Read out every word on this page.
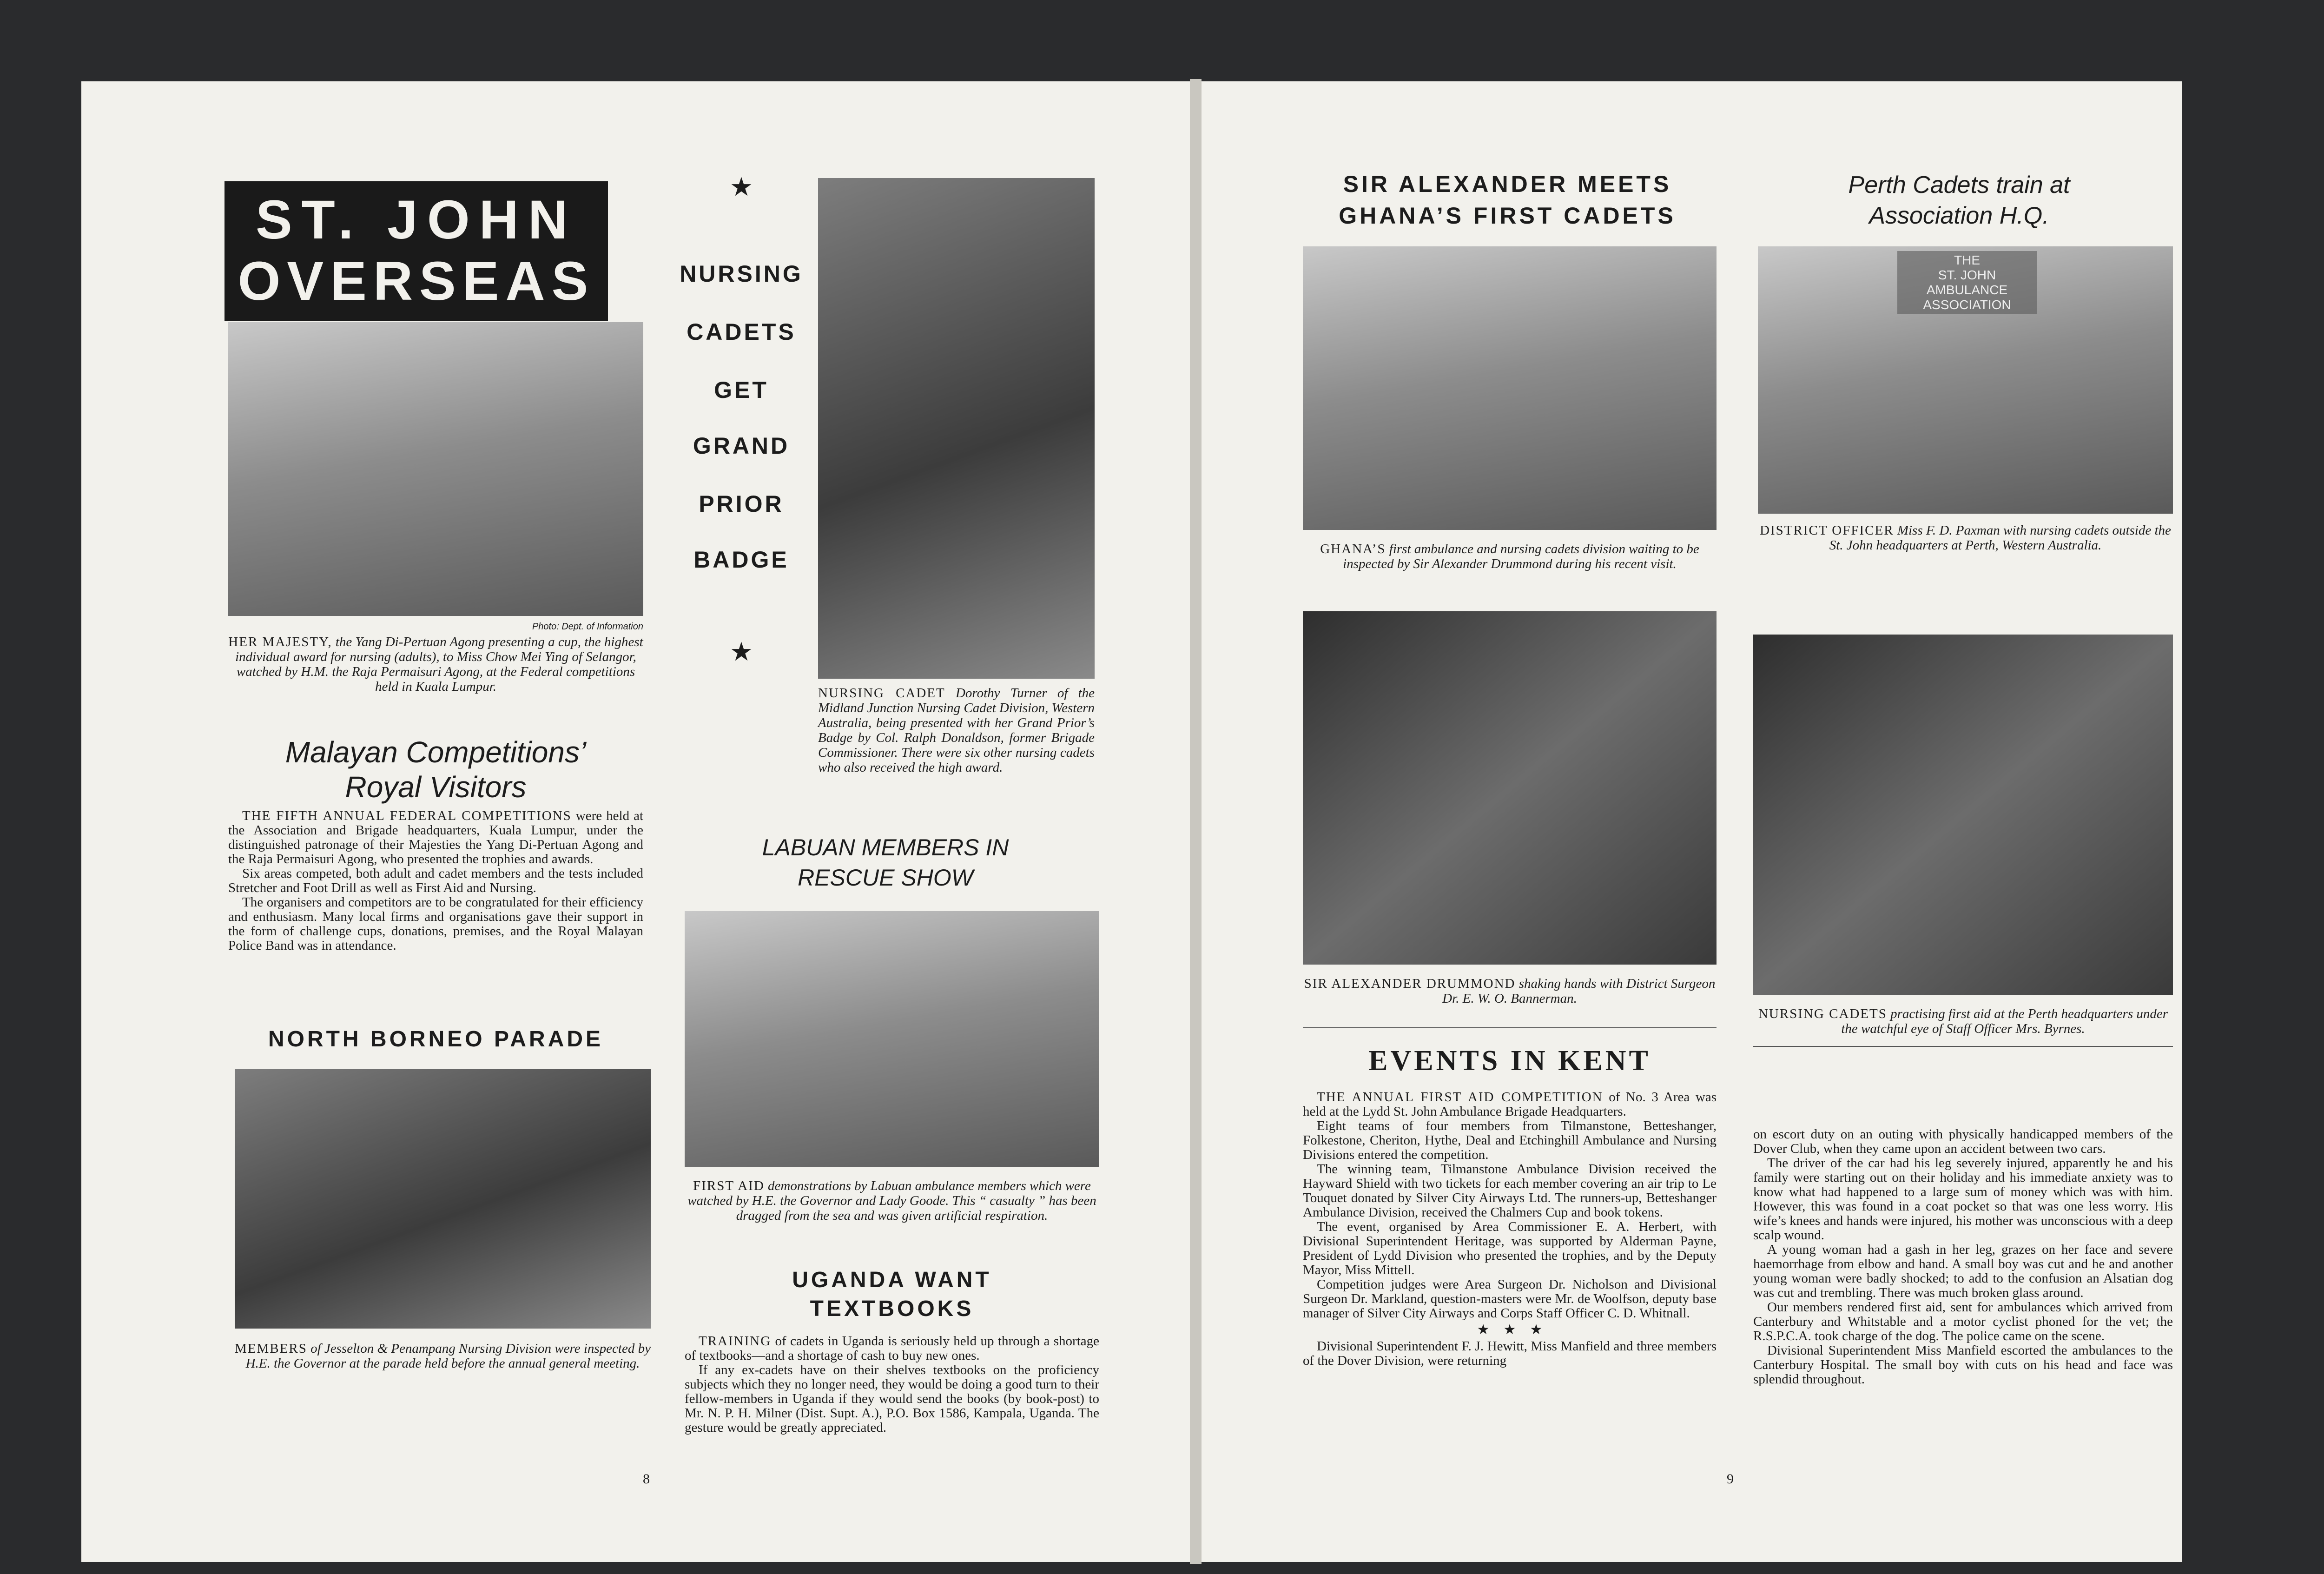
ST. JOHN
OVERSEAS
Photo: Dept. of Information
HER MAJESTY, the Yang Di-Pertuan Agong presenting a cup, the highest individual award for nursing (adults), to Miss Chow Mei Ying of Selangor, watched by H.M. the Raja Permaisuri Agong, at the Federal competitions held in Kuala Lumpur.
Malayan Competitions’
Royal Visitors

THE FIFTH ANNUAL FEDERAL COMPETITIONS were held at the Association and Brigade headquarters, Kuala Lumpur, under the distinguished patronage of their Majesties the Yang Di-Pertuan Agong and the Raja Permaisuri Agong, who presented the trophies and awards.

Six areas competed, both adult and cadet members and the tests included Stretcher and Foot Drill as well as First Aid and Nursing.

The organisers and competitors are to be congratulated for their efficiency and enthusiasm. Many local firms and organisations gave their support in the form of challenge cups, donations, premises, and the Royal Malayan Police Band was in attendance.

NORTH BORNEO PARADE
MEMBERS of Jesselton & Penampang Nursing Division were inspected by H.E. the Governor at the parade held before the annual general meeting.
★
NURSING
CADETS
GET
GRAND
PRIOR
BADGE
★
NURSING CADET Dorothy Turner of the Midland Junction Nursing Cadet Division, Western Australia, being presented with her Grand Prior’s Badge by Col. Ralph Donaldson, former Brigade Commissioner. There were six other nursing cadets who also received the high award.
LABUAN MEMBERS IN
RESCUE SHOW
FIRST AID demonstrations by Labuan ambulance members which were watched by H.E. the Governor and Lady Goode. This “ casualty ” has been dragged from the sea and was given artificial respiration.
UGANDA WANT
TEXTBOOKS

TRAINING of cadets in Uganda is seriously held up through a shortage of textbooks—and a shortage of cash to buy new ones.

If any ex-cadets have on their shelves textbooks on the proficiency subjects which they no longer need, they would be doing a good turn to their fellow-members in Uganda if they would send the books (by book-post) to Mr. N. P. H. Milner (Dist. Supt. A.), P.O. Box 1586, Kampala, Uganda. The gesture would be greatly appreciated.

8
SIR ALEXANDER MEETS
GHANA’S FIRST CADETS
GHANA’S first ambulance and nursing cadets division waiting to be inspected by Sir Alexander Drummond during his recent visit.
SIR ALEXANDER DRUMMOND shaking hands with District Surgeon Dr. E. W. O. Bannerman.
EVENTS IN KENT

THE ANNUAL FIRST AID COMPETITION of No. 3 Area was held at the Lydd St. John Ambulance Brigade Headquarters.

Eight teams of four members from Tilmanstone, Betteshanger, Folkestone, Cheriton, Hythe, Deal and Etchinghill Ambulance and Nursing Divisions entered the competition.

The winning team, Tilmanstone Ambulance Division received the Hayward Shield with two tickets for each member covering an air trip to Le Touquet donated by Silver City Airways Ltd. The runners-up, Betteshanger Ambulance Division, received the Chalmers Cup and book tokens.

The event, organised by Area Commissioner E. A. Herbert, with Divisional Superintendent Heritage, was supported by Alderman Payne, President of Lydd Division who presented the trophies, and by the Deputy Mayor, Miss Mittell.

Competition judges were Area Surgeon Dr. Nicholson and Divisional Surgeon Dr. Markland, question-masters were Mr. de Woolfson, deputy base manager of Silver City Airways and Corps Staff Officer C. D. Whitnall.

★    ★    ★

Divisional Superintendent F. J. Hewitt, Miss Manfield and three members of the Dover Division, were returning

Perth Cadets train at
Association H.Q.
THE
ST. JOHN AMBULANCE
ASSOCIATION
DISTRICT OFFICER Miss F. D. Paxman with nursing cadets outside the St. John headquarters at Perth, Western Australia.
NURSING CADETS practising first aid at the Perth headquarters under the watchful eye of Staff Officer Mrs. Byrnes.

on escort duty on an outing with physically handicapped members of the Dover Club, when they came upon an accident between two cars.

The driver of the car had his leg severely injured, apparently he and his family were starting out on their holiday and his immediate anxiety was to know what had happened to a large sum of money which was with him. However, this was found in a coat pocket so that was one less worry. His wife’s knees and hands were injured, his mother was unconscious with a deep scalp wound.

A young woman had a gash in her leg, grazes on her face and severe haemorrhage from elbow and hand. A small boy was cut and he and another young woman were badly shocked; to add to the confusion an Alsatian dog was cut and trembling. There was much broken glass around.

Our members rendered first aid, sent for ambulances which arrived from Canterbury and Whitstable and a motor cyclist phoned for the vet; the R.S.P.C.A. took charge of the dog. The police came on the scene.

Divisional Superintendent Miss Manfield escorted the ambulances to the Canterbury Hospital. The small boy with cuts on his head and face was splendid throughout.

9
